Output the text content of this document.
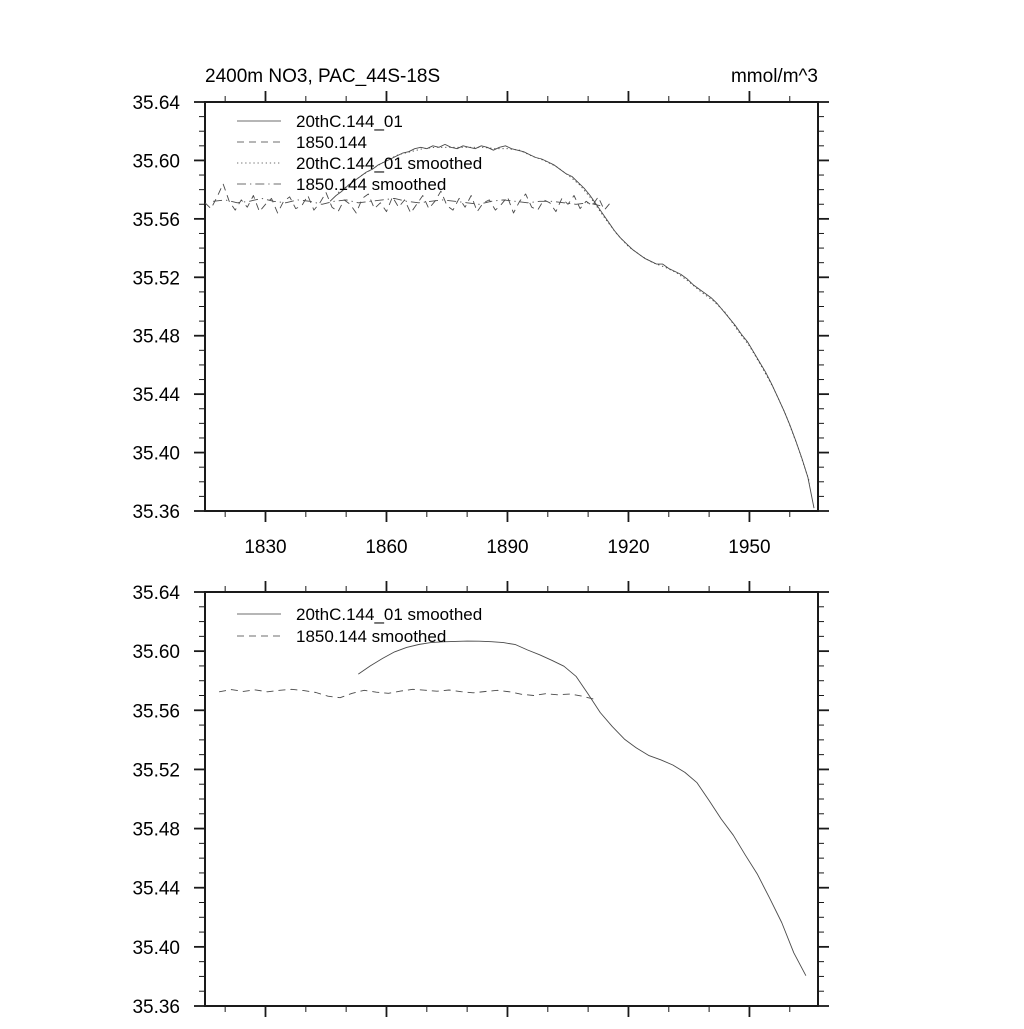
2400m NO3, PAC_44S-18S	mmol/m^3
1830	1860	1890	1920	1950
35.36
35.40
35.44
35.48
35.52
35.56
35.60
35.64
20thC.144_01
1850.144
20thC.144_01 smoothed
1850.144 smoothed
35.36
35.40
35.44
35.48
35.52
35.56
35.60
35.64
20thC.144_01 smoothed
1850.144 smoothed
